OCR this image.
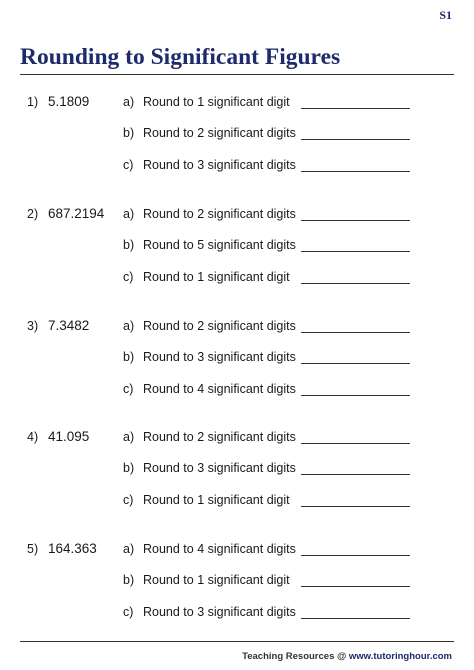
S1
Rounding to Significant Figures
1) 5.1809	a) Round to 1 significant digit
b) Round to 2 significant digits
c) Round to 3 significant digits
2) 687.2194 a) Round to 2 significant digits
b) Round to 5 significant digits
c) Round to 1 significant digit
3) 7.3482	a) Round to 2 significant digits
b) Round to 3 significant digits
c) Round to 4 significant digits
4) 41.095	a) Round to 2 significant digits
b) Round to 3 significant digits
c) Round to 1 significant digit
5) 164.363 a) Round to 4 significant digits
b) Round to 1 significant digit
c) Round to 3 significant digits
Teaching Resources @ www.tutoringhour.com
